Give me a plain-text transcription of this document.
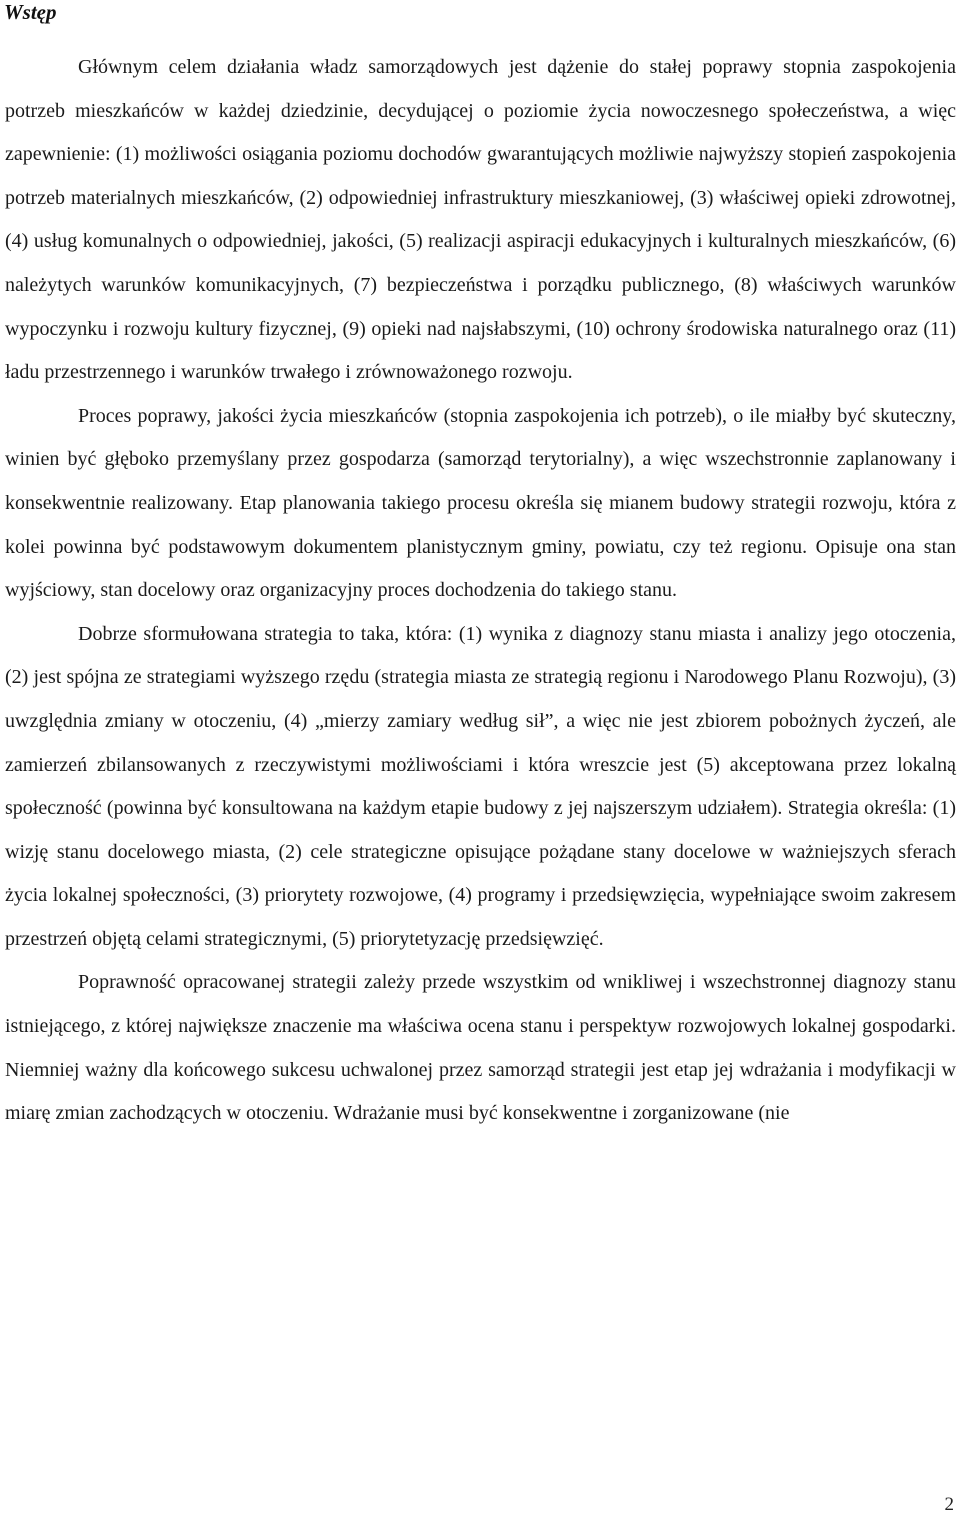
Wstęp

Głównym celem działania władz samorządowych jest dążenie do stałej poprawy stopnia zaspokojenia potrzeb mieszkańców w każdej dziedzinie, decydującej o poziomie życia nowoczesnego społeczeństwa, a więc zapewnienie: (1) możliwości osiągania poziomu dochodów gwarantujących możliwie najwyższy stopień zaspokojenia potrzeb materialnych mieszkańców, (2) odpowiedniej infrastruktury mieszkaniowej, (3) właściwej opieki zdrowotnej, (4) usług komunalnych o odpowiedniej, jakości, (5) realizacji aspiracji edukacyjnych i kulturalnych mieszkańców, (6) należytych warunków komunikacyjnych, (7) bezpieczeństwa i porządku publicznego, (8) właściwych warunków wypoczynku i rozwoju kultury fizycznej, (9) opieki nad najsłabszymi, (10) ochrony środowiska naturalnego oraz (11) ładu przestrzennego i warunków trwałego i zrównoważonego rozwoju.

Proces poprawy, jakości życia mieszkańców (stopnia zaspokojenia ich potrzeb), o ile miałby być skuteczny, winien być głęboko przemyślany przez gospodarza (samorząd terytorialny), a więc wszechstronnie zaplanowany i konsekwentnie realizowany. Etap planowania takiego procesu określa się mianem budowy strategii rozwoju, która z kolei powinna być podstawowym dokumentem planistycznym gminy, powiatu, czy też regionu. Opisuje ona stan wyjściowy, stan docelowy oraz organizacyjny proces dochodzenia do takiego stanu.

Dobrze sformułowana strategia to taka, która: (1) wynika z diagnozy stanu miasta i analizy jego otoczenia, (2) jest spójna ze strategiami wyższego rzędu (strategia miasta ze strategią regionu i Narodowego Planu Rozwoju), (3) uwzględnia zmiany w otoczeniu, (4) „mierzy zamiary według sił”, a więc nie jest zbiorem pobożnych życzeń, ale zamierzeń zbilansowanych z rzeczywistymi możliwościami i która wreszcie jest (5) akceptowana przez lokalną społeczność (powinna być konsultowana na każdym etapie budowy z jej najszerszym udziałem). Strategia określa: (1) wizję stanu docelowego miasta, (2) cele strategiczne opisujące pożądane stany docelowe w ważniejszych sferach życia lokalnej społeczności, (3) priorytety rozwojowe, (4) programy i przedsięwzięcia, wypełniające swoim zakresem przestrzeń objętą celami strategicznymi, (5) priorytetyzację przedsięwzięć.

Poprawność opracowanej strategii zależy przede wszystkim od wnikliwej i wszechstronnej diagnozy stanu istniejącego, z której największe znaczenie ma właściwa ocena stanu i perspektyw rozwojowych lokalnej gospodarki. Niemniej ważny dla końcowego sukcesu uchwalonej przez samorząd strategii jest etap jej wdrażania i modyfikacji w miarę zmian zachodzących w otoczeniu. Wdrażanie musi być konsekwentne i zorganizowane (nie

2
